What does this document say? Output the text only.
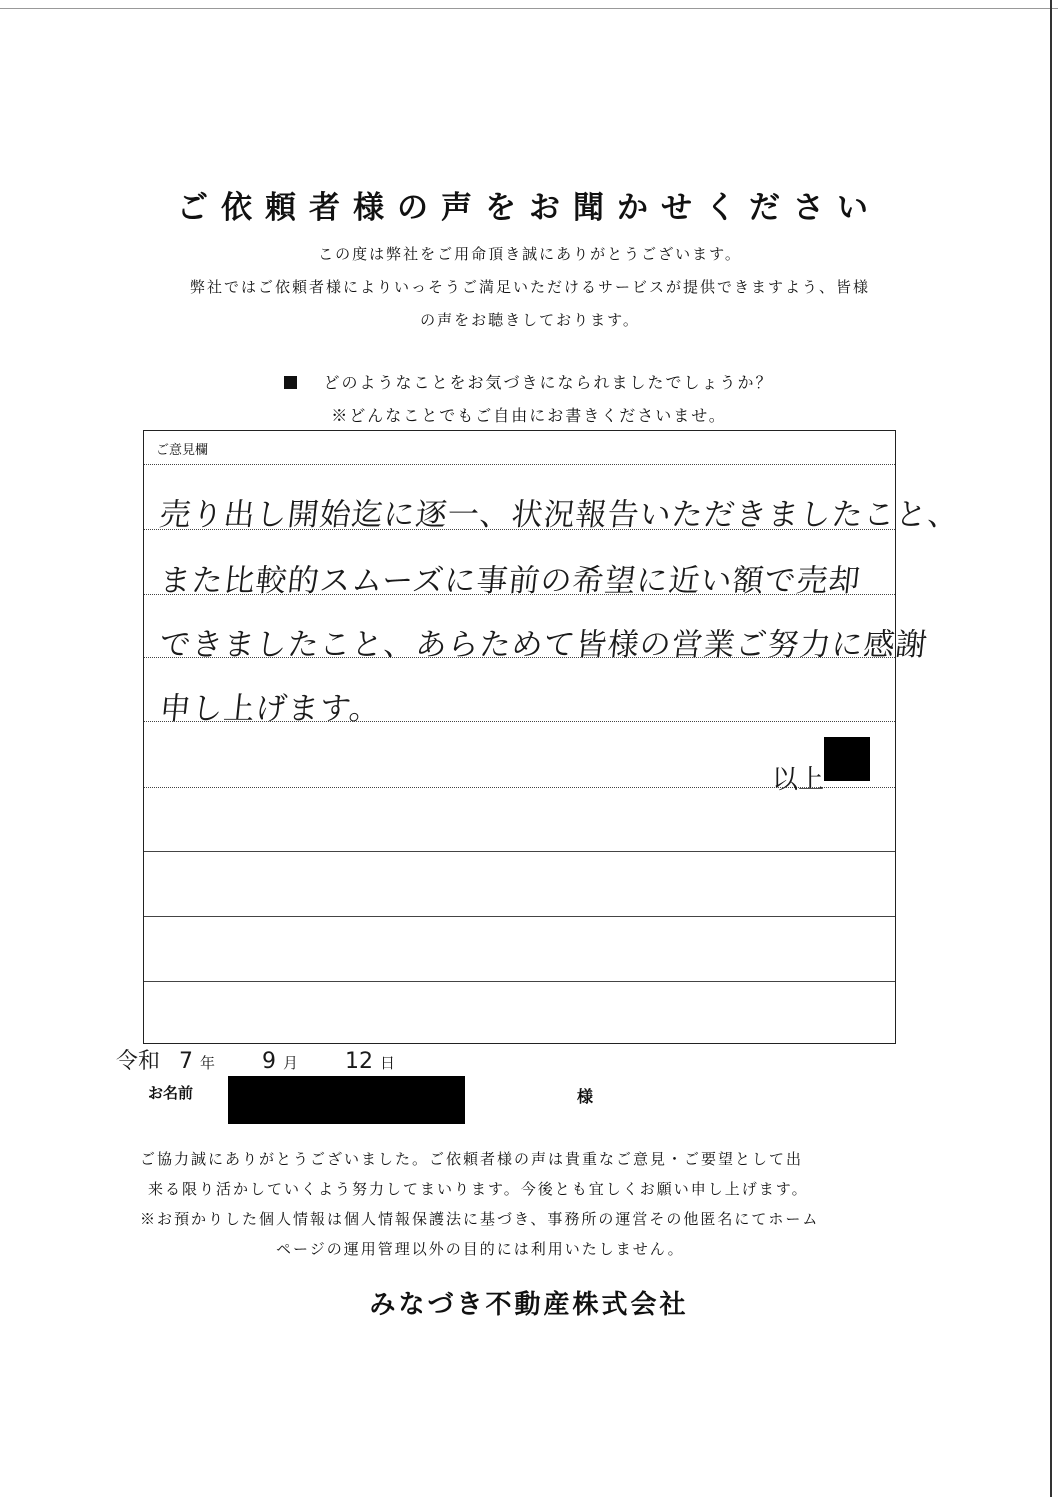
ご依頼者様の声をお聞かせください
この度は弊社をご用命頂き誠にありがとうございます。
弊社ではご依頼者様によりいっそうご満足いただけるサービスが提供できますよう、皆様
の声をお聴きしております。
どのようなことをお気づきになられましたでしょうか？
※どんなことでもご自由にお書きくださいませ。
ご意見欄
売り出し開始迄に逐一、状況報告いただきましたこと、
また比較的スムーズに事前の希望に近い額で売却
できましたこと、あらためて皆様の営業ご努力に感謝
申し上げます。
以上
令和 7 年 9 月 12 日
お名前	様
ご協力誠にありがとうございました。ご依頼者様の声は貴重なご意見・ご要望として出
来る限り活かしていくよう努力してまいります。今後とも宜しくお願い申し上げます。
※お預かりした個人情報は個人情報保護法に基づき、事務所の運営その他匿名にてホーム
ページの運用管理以外の目的には利用いたしません。
みなづき不動産株式会社
